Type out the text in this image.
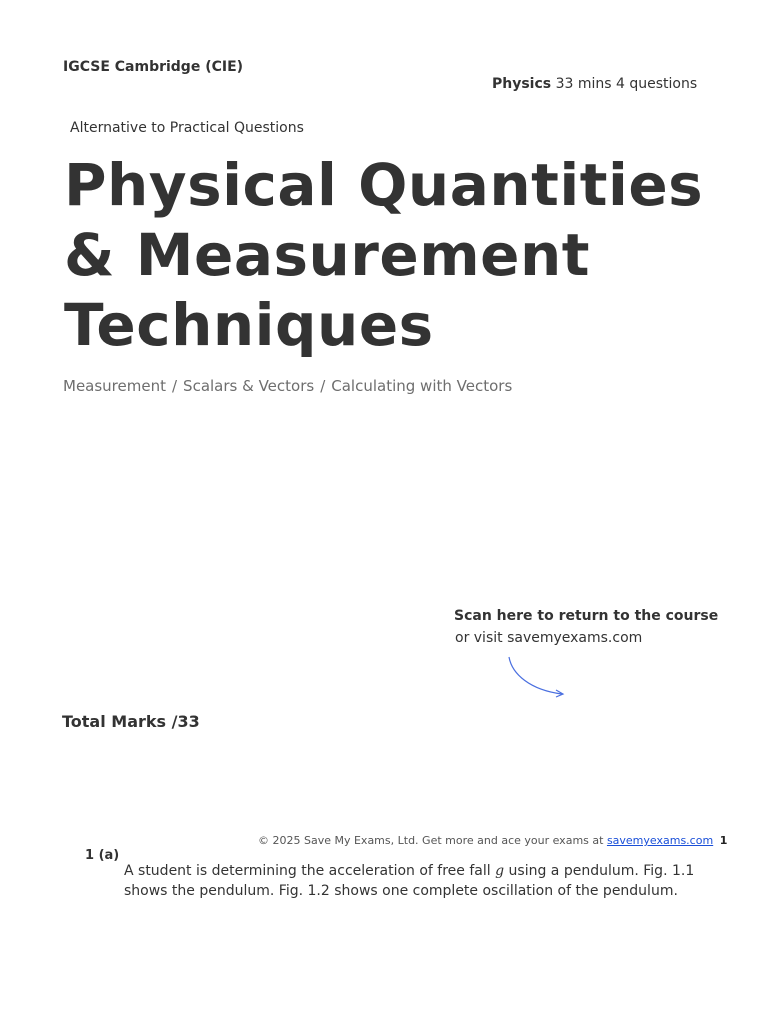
IGCSE Cambridge (CIE)
Physics 33 mins 4 questions
Alternative to Practical Questions
Physical Quantities
& Measurement
Techniques
Measurement / Scalars & Vectors / Calculating with Vectors
Scan here to return to the course
or visit savemyexams.com
Total Marks /33
© 2025 Save My Exams, Ltd. Get more and ace your exams at savemyexams.com 1
1 (a)
A student is determining the acceleration of free fall g using a pendulum. Fig. 1.1 shows the pendulum. Fig. 1.2 shows one complete oscillation of the pendulum.
